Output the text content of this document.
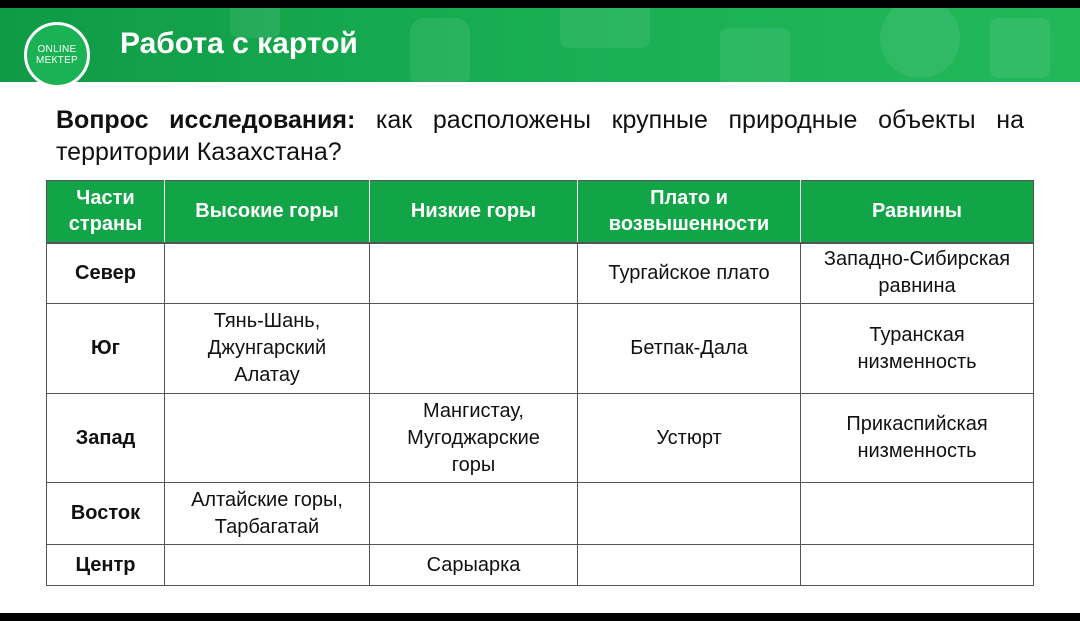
Работа с картой
ONLINE
МЕКТЕР

Вопрос исследования: как расположены крупные природные объекты на территории Казахстана?

Части
страны	Высокие горы	Низкие горы	Плато и
возвышенности	Равнины
Север			Тургайское плато	Западно-Сибирская
равнина
Юг	Тянь-Шань,
Джунгарский
Алатау		Бетпак-Дала	Туранская
низменность
Запад		Мангистау,
Мугоджарские
горы	Устюрт	Прикаспийская
низменность
Восток	Алтайские горы,
Тарбагатай			
Центр		Сарыарка		
